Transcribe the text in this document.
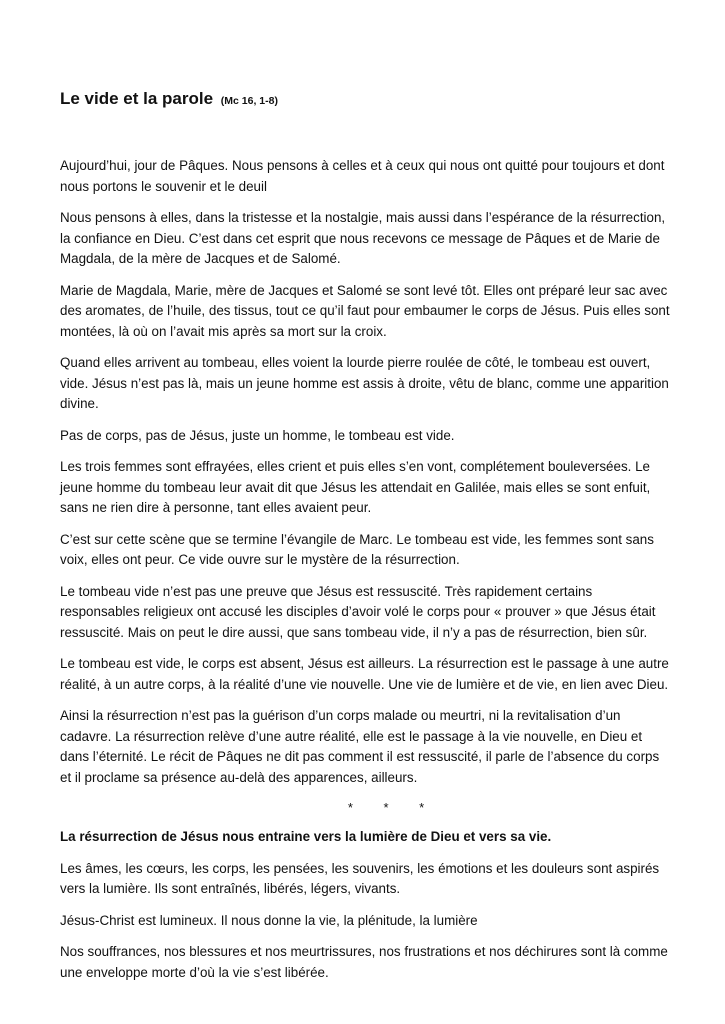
Le vide et la parole (Mc 16, 1-8)

Aujourd’hui, jour de Pâques. Nous pensons à celles et à ceux qui nous ont quitté pour toujours et dont nous portons le souvenir et le deuil

Nous pensons à elles, dans la tristesse et la nostalgie, mais aussi dans l’espérance de la résurrection, la confiance en Dieu. C’est dans cet esprit que nous recevons ce message de Pâques et de Marie de Magdala, de la mère de Jacques et de Salomé.

Marie de Magdala, Marie, mère de Jacques et Salomé se sont levé tôt. Elles ont préparé leur sac avec des aromates, de l’huile, des tissus, tout ce qu’il faut pour embaumer le corps de Jésus. Puis elles sont montées, là où on l’avait mis après sa mort sur la croix.

Quand elles arrivent au tombeau, elles voient la lourde pierre roulée de côté, le tombeau est ouvert, vide. Jésus n’est pas là, mais un jeune homme est assis à droite, vêtu de blanc, comme une apparition divine.

Pas de corps, pas de Jésus, juste un homme, le tombeau est vide.

Les trois femmes sont effrayées, elles crient et puis elles s’en vont, complétement bouleversées. Le jeune homme du tombeau leur avait dit que Jésus les attendait en Galilée, mais elles se sont enfuit, sans ne rien dire à personne, tant elles avaient peur.

C’est sur cette scène que se termine l’évangile de Marc. Le tombeau est vide, les femmes sont sans voix, elles ont peur. Ce vide ouvre sur le mystère de la résurrection.

Le tombeau vide n’est pas une preuve que Jésus est ressuscité. Très rapidement certains responsables religieux ont accusé les disciples d’avoir volé le corps pour « prouver » que Jésus était ressuscité. Mais on peut le dire aussi, que sans tombeau vide, il n’y a pas de résurrection, bien sûr.

Le tombeau est vide, le corps est absent, Jésus est ailleurs. La résurrection est le passage à une autre réalité, à un autre corps, à la réalité d’une vie nouvelle. Une vie de lumière et de vie, en lien avec Dieu.

Ainsi la résurrection n’est pas la guérison d’un corps malade ou meurtri, ni la revitalisation d’un cadavre. La résurrection relève d’une autre réalité, elle est le passage à la vie nouvelle, en Dieu et dans l’éternité. Le récit de Pâques ne dit pas comment il est ressuscité, il parle de l’absence du corps et il proclame sa présence au-delà des apparences, ailleurs.

* * *

La résurrection de Jésus nous entraine vers la lumière de Dieu et vers sa vie.

Les âmes, les cœurs, les corps, les pensées, les souvenirs, les émotions et les douleurs sont aspirés vers la lumière. Ils sont entraînés, libérés, légers, vivants.

Jésus-Christ est lumineux. Il nous donne la vie, la plénitude, la lumière

Nos souffrances, nos blessures et nos meurtrissures, nos frustrations et nos déchirures sont là comme une enveloppe morte d’où la vie s’est libérée.
